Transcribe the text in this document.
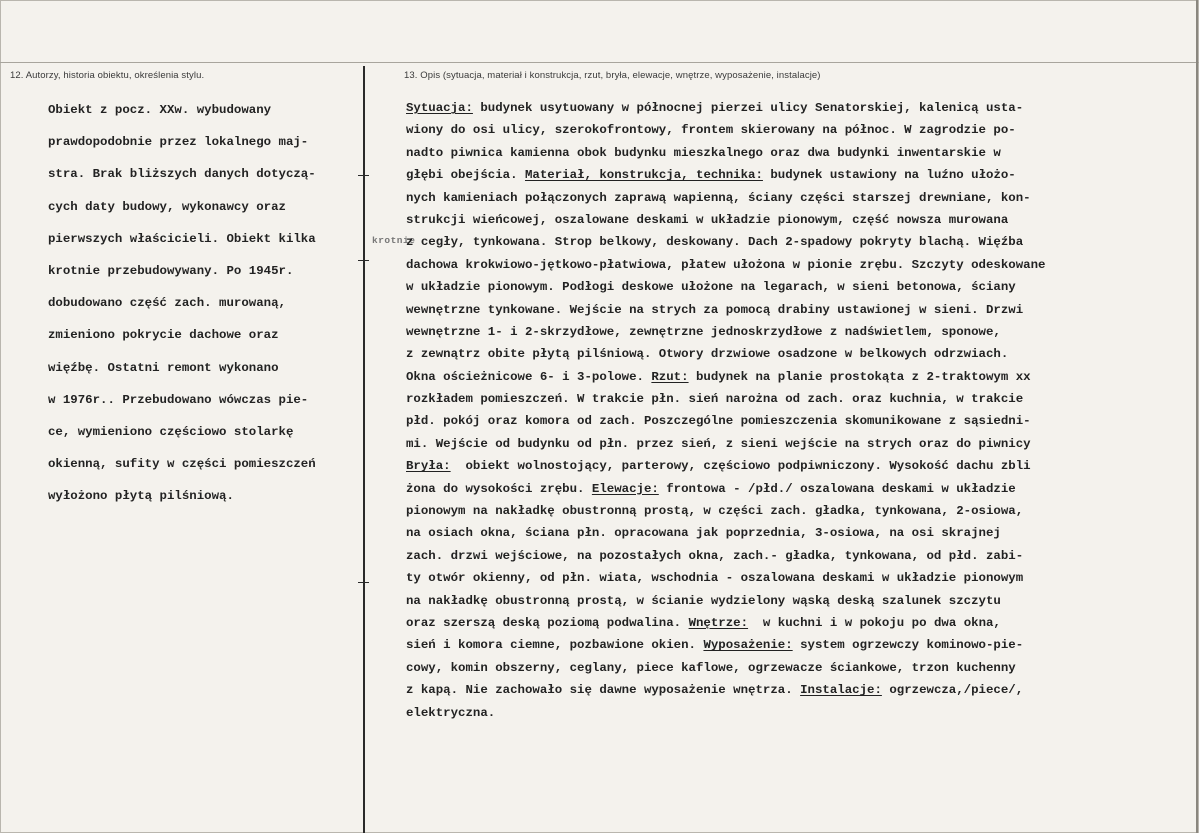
12. Autorzy, historia obiektu, określenia stylu.	13. Opis (sytuacja, materiał i konstrukcja, rzut, bryła, elewacje, wnętrze, wyposażenie, instalacje)
Obiekt z pocz. XXw. wybudowany
prawdopodobnie przez lokalnego maj-
stra. Brak bliższych danych dotyczą-
cych daty budowy, wykonawcy oraz
pierwszych właścicieli. Obiekt kilka
krotnie przebudowywany. Po 1945r.
dobudowano część zach. murowaną,
zmieniono pokrycie dachowe oraz
więźbę. Ostatni remont wykonano
w 1976r.. Przebudowano wówczas pie-
ce, wymieniono częściowo stolarkę
okienną, sufity w części pomieszczeń
wyłożono płytą pilśniową.
krotnie
Sytuacja: budynek usytuowany w północnej pierzei ulicy Senatorskiej, kalenicą usta-
wiony do osi ulicy, szerokofrontowy, frontem skierowany na północ. W zagrodzie po-
nadto piwnica kamienna obok budynku mieszkalnego oraz dwa budynki inwentarskie w
głębi obejścia. Materiał, konstrukcja, technika: budynek ustawiony na luźno ułożo-
nych kamieniach połączonych zaprawą wapienną, ściany części starszej drewniane, kon-
strukcji wieńcowej, oszalowane deskami w układzie pionowym, część nowsza murowana
z cegły, tynkowana. Strop belkowy, deskowany. Dach 2-spadowy pokryty blachą. Więźba
dachowa krokwiowo-jętkowo-płatwiowa, płatew ułożona w pionie zrębu. Szczyty odeskowane
w układzie pionowym. Podłogi deskowe ułożone na legarach, w sieni betonowa, ściany
wewnętrzne tynkowane. Wejście na strych za pomocą drabiny ustawionej w sieni. Drzwi
wewnętrzne 1- i 2-skrzydłowe, zewnętrzne jednoskrzydłowe z nadświetlem, sponowe,
z zewnątrz obite płytą pilśniową. Otwory drzwiowe osadzone w belkowych odrzwiach.
Okna ościeżnicowe 6- i 3-polowe. Rzut: budynek na planie prostokąta z 2-traktowym xx
rozkładem pomieszczeń. W trakcie płn. sień narożna od zach. oraz kuchnia, w trakcie
płd. pokój oraz komora od zach. Poszczególne pomieszczenia skomunikowane z sąsiedni-
mi. Wejście od budynku od płn. przez sień, z sieni wejście na strych oraz do piwnicy
Bryła:  obiekt wolnostojący, parterowy, częściowo podpiwniczony. Wysokość dachu zbli
żona do wysokości zrębu. Elewacje: frontowa - /płd./ oszalowana deskami w układzie
pionowym na nakładkę obustronną prostą, w części zach. gładka, tynkowana, 2-osiowa,
na osiach okna, ściana płn. opracowana jak poprzednia, 3-osiowa, na osi skrajnej
zach. drzwi wejściowe, na pozostałych okna, zach.- gładka, tynkowana, od płd. zabi-
ty otwór okienny, od płn. wiata, wschodnia - oszalowana deskami w układzie pionowym
na nakładkę obustronną prostą, w ścianie wydzielony wąską deską szalunek szczytu
oraz szerszą deską poziomą podwalina. Wnętrze:  w kuchni i w pokoju po dwa okna,
sień i komora ciemne, pozbawione okien. Wyposażenie: system ogrzewczy kominowo-pie-
cowy, komin obszerny, ceglany, piece kaflowe, ogrzewacze ściankowe, trzon kuchenny
z kapą. Nie zachowało się dawne wyposażenie wnętrza. Instalacje: ogrzewcza,/piece/,
elektryczna.
